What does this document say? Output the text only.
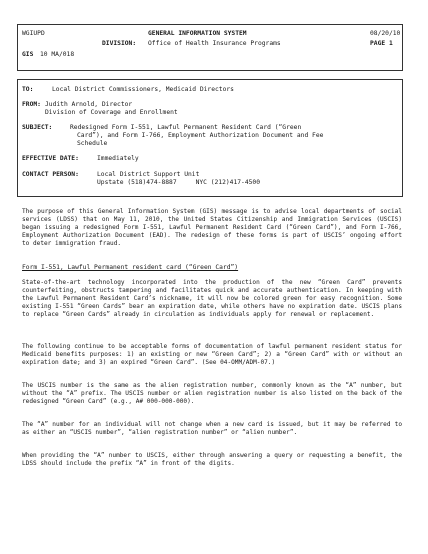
WGIUPD	GENERAL INFORMATION SYSTEM	08/20/10
DIVISION: Office of Health Insurance Programs	PAGE 1
GIS 10 MA/018
TO:	Local District Commissioners, Medicaid Directors
FROM: Judith Arnold, Director
Division of Coverage and Enrollment
SUBJECT:	Redesigned Form I-551, Lawful Permanent Resident Card (“Green
Card”), and Form I-766, Employment Authorization Document and Fee
Schedule
EFFECTIVE DATE:	Immediately
CONTACT PERSON:	Local District Support Unit
Upstate (518)474-8887     NYC (212)417-4500
The purpose of this General Information System (GIS) message is to advise local departments of social services (LDSS) that on May 11, 2010, the United States Citizenship and Immigration Services (USCIS) began issuing a redesigned Form I-551, Lawful Permanent Resident Card (“Green Card”), and Form I-766, Employment Authorization Document (EAD). The redesign of these forms is part of USCIS’ ongoing effort to deter immigration fraud.
Form I-551, Lawful Permanent resident card (“Green Card”)
State-of-the-art technology incorporated into the production of the new “Green Card” prevents counterfeiting, obstructs tampering and facilitates quick and accurate authentication. In keeping with the Lawful Permanent Resident Card’s nickname, it will now be colored green for easy recognition. Some existing I-551 “Green Cards” bear an expiration date, while others have no expiration date. USCIS plans to replace “Green Cards” already in circulation as individuals apply for renewal or replacement.
The following continue to be acceptable forms of documentation of lawful permanent resident status for Medicaid benefits purposes: 1) an existing or new “Green Card”; 2) a “Green Card” with or without an expiration date; and 3) an expired “Green Card”. (See 04-OMM/ADM-07.)
The USCIS number is the same as the alien registration number, commonly known as the “A” number, but without the “A” prefix. The USCIS number or alien registration number is also listed on the back of the redesigned “Green Card” (e.g., A# 000-000-000).
The “A” number for an individual will not change when a new card is issued, but it may be referred to as either an “USCIS number”, “alien registration number” or “alien number”.
When providing the “A” number to USCIS, either through answering a query or requesting a benefit, the LDSS should include the prefix “A” in front of the digits.
